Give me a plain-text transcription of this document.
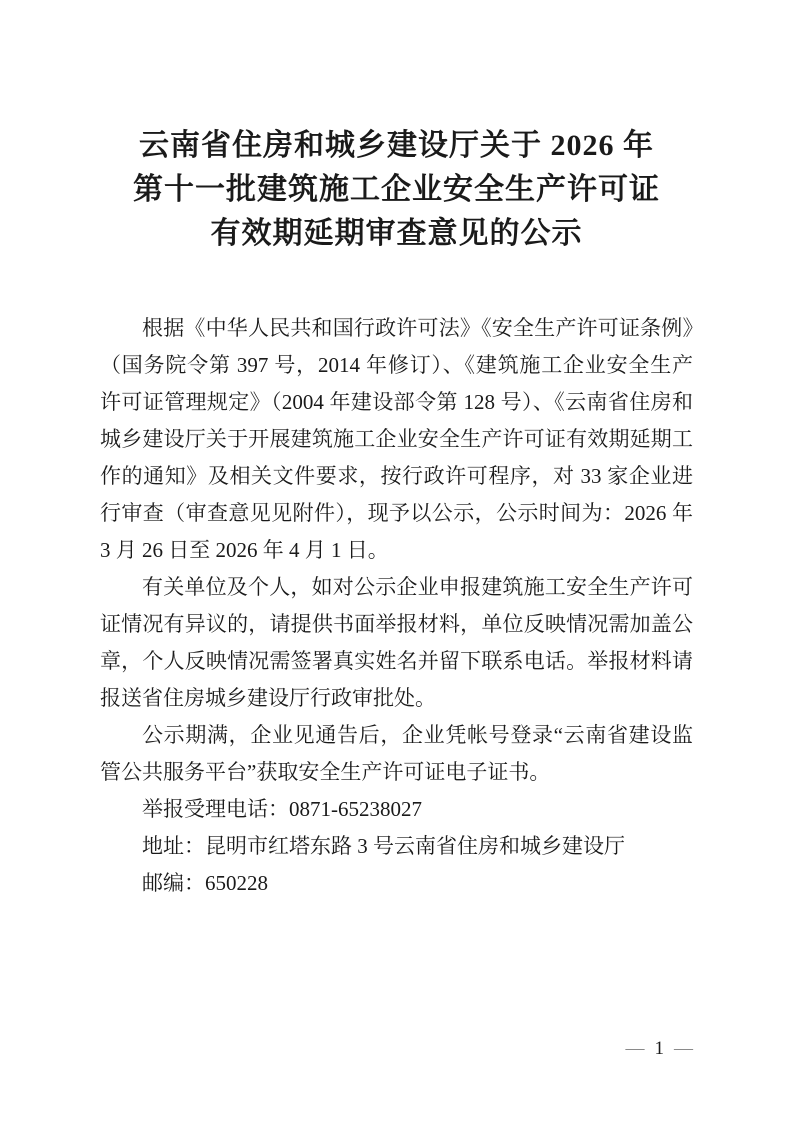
云南省住房和城乡建设厅关于 2026 年
第十一批建筑施工企业安全生产许可证
有效期延期审查意见的公示

根据《中华人民共和国行政许可法》《安全生产许可证条例》（国务院令第 397 号，2014 年修订）、《建筑施工企业安全生产许可证管理规定》（2004 年建设部令第 128 号）、《云南省住房和城乡建设厅关于开展建筑施工企业安全生产许可证有效期延期工作的通知》及相关文件要求，按行政许可程序，对 33 家企业进行审查（审查意见见附件），现予以公示，公示时间为：2026 年 3 月 26 日至 2026 年 4 月 1 日。

有关单位及个人，如对公示企业申报建筑施工安全生产许可证情况有异议的，请提供书面举报材料，单位反映情况需加盖公章，个人反映情况需签署真实姓名并留下联系电话。举报材料请报送省住房城乡建设厅行政审批处。

公示期满，企业见通告后，企业凭帐号登录“云南省建设监管公共服务平台”获取安全生产许可证电子证书。

举报受理电话：0871-65238027

地址：昆明市红塔东路 3 号云南省住房和城乡建设厅

邮编：650228

— 1 —
